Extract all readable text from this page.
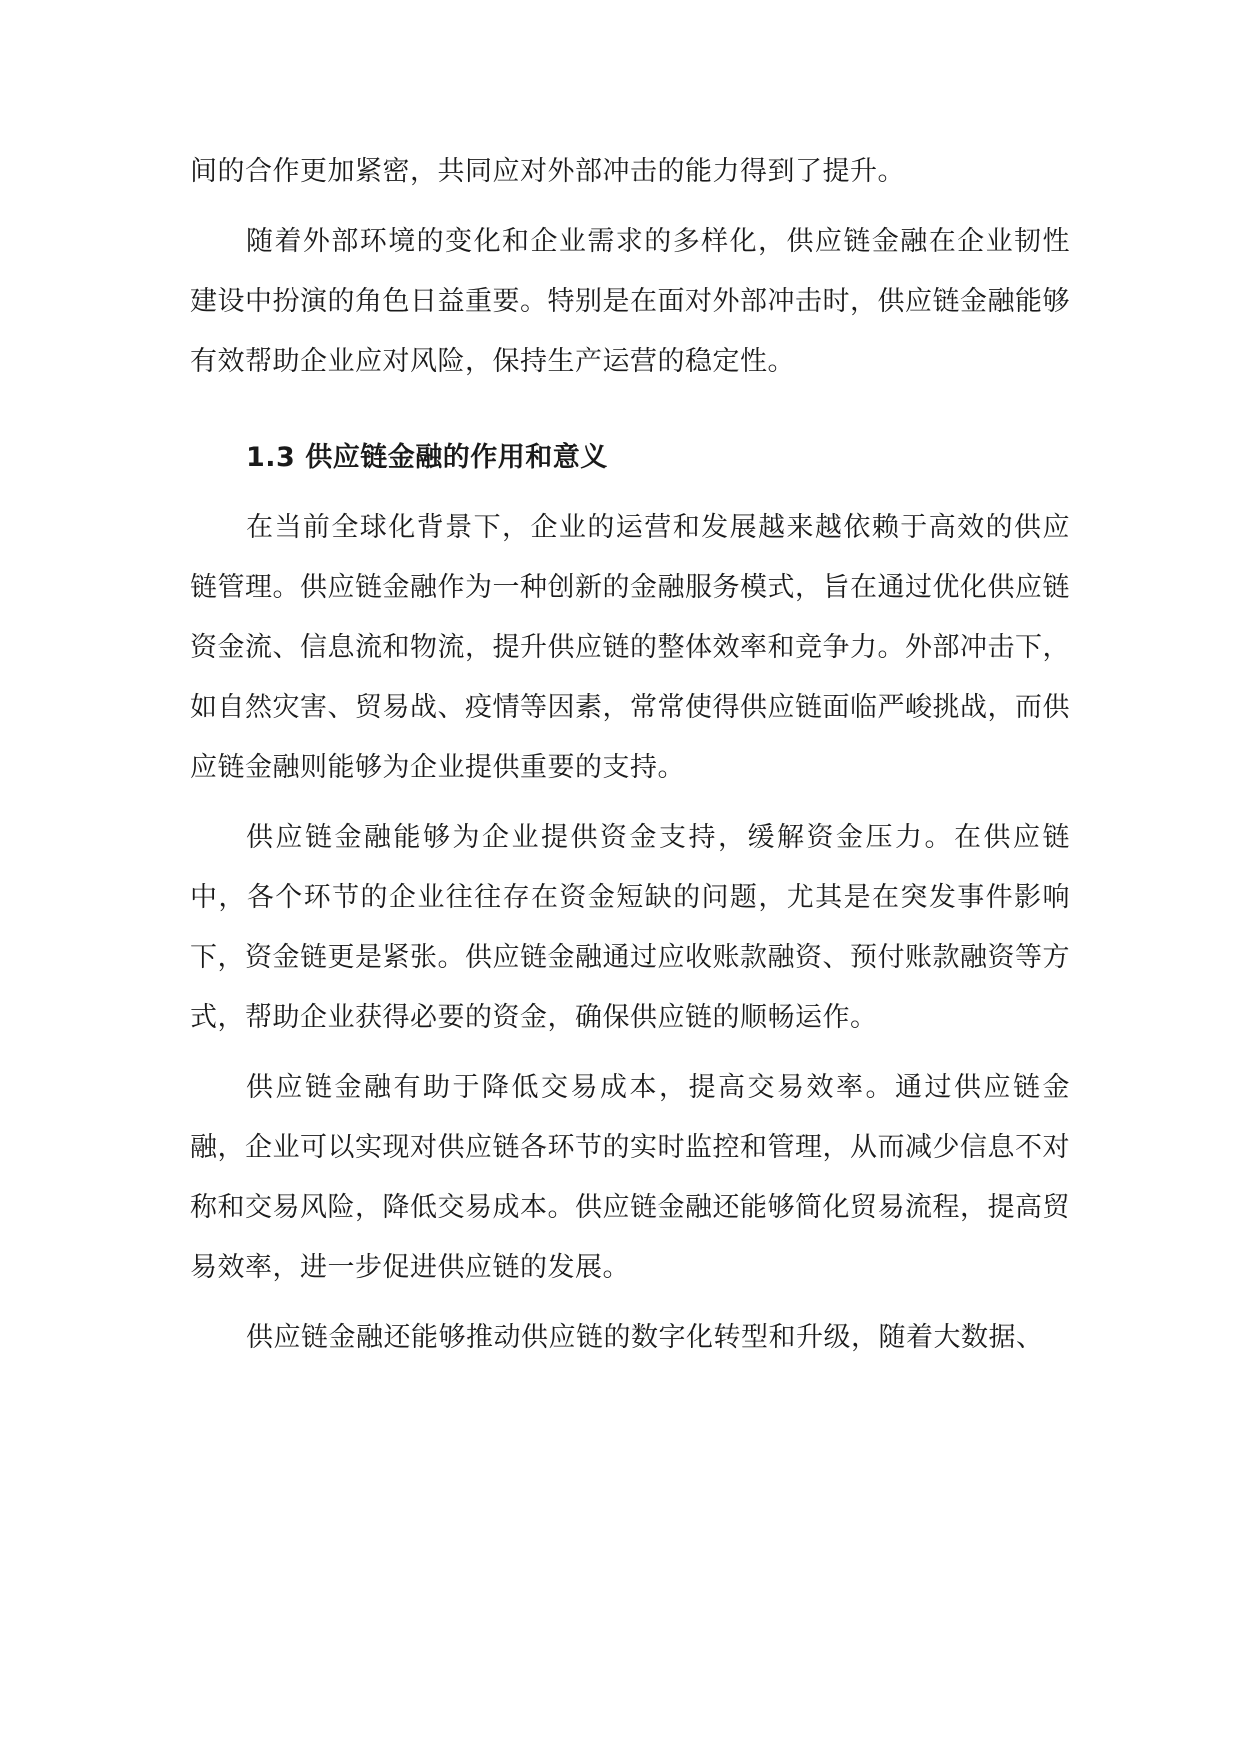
间的合作更加紧密，共同应对外部冲击的能力得到了提升。

随着外部环境的变化和企业需求的多样化，供应链金融在企业韧性建设中扮演的角色日益重要。特别是在面对外部冲击时，供应链金融能够有效帮助企业应对风险，保持生产运营的稳定性。

1.3 供应链金融的作用和意义

在当前全球化背景下，企业的运营和发展越来越依赖于高效的供应链管理。供应链金融作为一种创新的金融服务模式，旨在通过优化供应链资金流、信息流和物流，提升供应链的整体效率和竞争力。外部冲击下，如自然灾害、贸易战、疫情等因素，常常使得供应链面临严峻挑战，而供应链金融则能够为企业提供重要的支持。

供应链金融能够为企业提供资金支持，缓解资金压力。在供应链中，各个环节的企业往往存在资金短缺的问题，尤其是在突发事件影响下，资金链更是紧张。供应链金融通过应收账款融资、预付账款融资等方式，帮助企业获得必要的资金，确保供应链的顺畅运作。

供应链金融有助于降低交易成本，提高交易效率。通过供应链金融，企业可以实现对供应链各环节的实时监控和管理，从而减少信息不对称和交易风险，降低交易成本。供应链金融还能够简化贸易流程，提高贸易效率，进一步促进供应链的发展。

供应链金融还能够推动供应链的数字化转型和升级，随着大数据、
